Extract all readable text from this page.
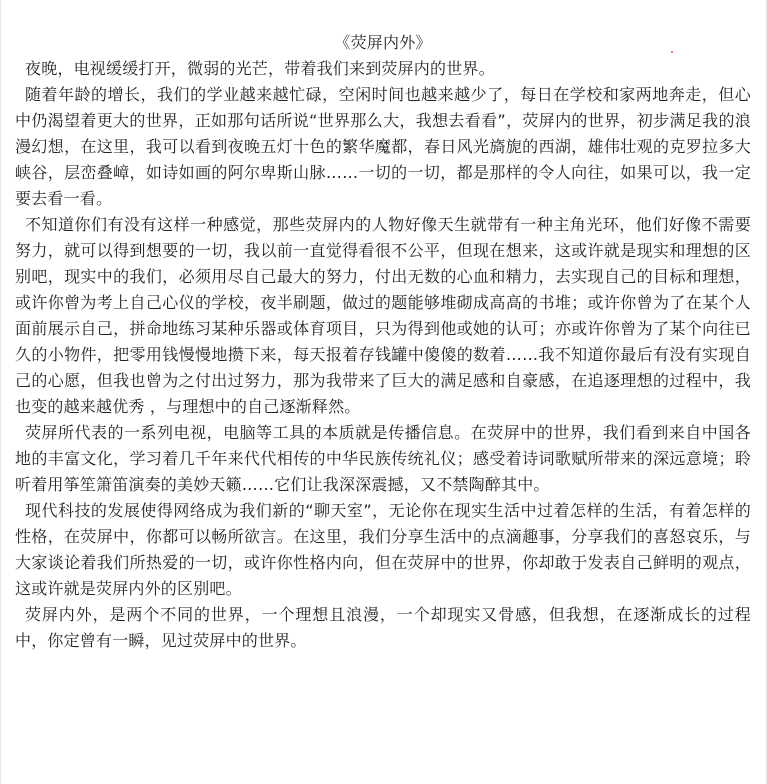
《荧屏内外》

夜晚，电视缓缓打开，微弱的光芒，带着我们来到荧屏内的世界。

随着年龄的增长，我们的学业越来越忙碌，空闲时间也越来越少了，每日在学校和家两地奔走，但心中仍渴望着更大的世界，正如那句话所说“世界那么大，我想去看看”，荧屏内的世界，初步满足我的浪漫幻想，在这里，我可以看到夜晚五灯十色的繁华魔都，春日风光旖旎的西湖，雄伟壮观的克罗拉多大峡谷，层峦叠嶂，如诗如画的阿尔卑斯山脉……一切的一切，都是那样的令人向往，如果可以，我一定要去看一看。

不知道你们有没有这样一种感觉，那些荧屏内的人物好像天生就带有一种主角光环，他们好像不需要努力，就可以得到想要的一切，我以前一直觉得看很不公平，但现在想来，这或许就是现实和理想的区别吧，现实中的我们，必须用尽自己最大的努力，付出无数的心血和精力，去实现自己的目标和理想，或许你曾为考上自己心仪的学校，夜半刷题，做过的题能够堆砌成高高的书堆；或许你曾为了在某个人面前展示自己，拼命地练习某种乐器或体育项目，只为得到他或她的认可；亦或许你曾为了某个向往已久的小物件，把零用钱慢慢地攒下来，每天报着存钱罐中傻傻的数着……我不知道你最后有没有实现自己的心愿，但我也曾为之付出过努力，那为我带来了巨大的满足感和自豪感，在追逐理想的过程中，我也变的越来越优秀 ，与理想中的自己逐渐释然。

荧屏所代表的一系列电视，电脑等工具的本质就是传播信息。在荧屏中的世界，我们看到来自中国各地的丰富文化，学习着几千年来代代相传的中华民族传统礼仪；感受着诗词歌赋所带来的深远意境；聆听着用筝笙箫笛演奏的美妙天籁……它们让我深深震撼，又不禁陶醉其中。

现代科技的发展使得网络成为我们新的“聊天室”，无论你在现实生活中过着怎样的生活，有着怎样的性格，在荧屏中，你都可以畅所欲言。在这里，我们分享生活中的点滴趣事，分享我们的喜怒哀乐，与大家谈论着我们所热爱的一切，或许你性格内向，但在荧屏中的世界，你却敢于发表自己鲜明的观点，这或许就是荧屏内外的区别吧。

荧屏内外，是两个不同的世界，一个理想且浪漫，一个却现实又骨感，但我想，在逐渐成长的过程中，你定曾有一瞬，见过荧屏中的世界。
